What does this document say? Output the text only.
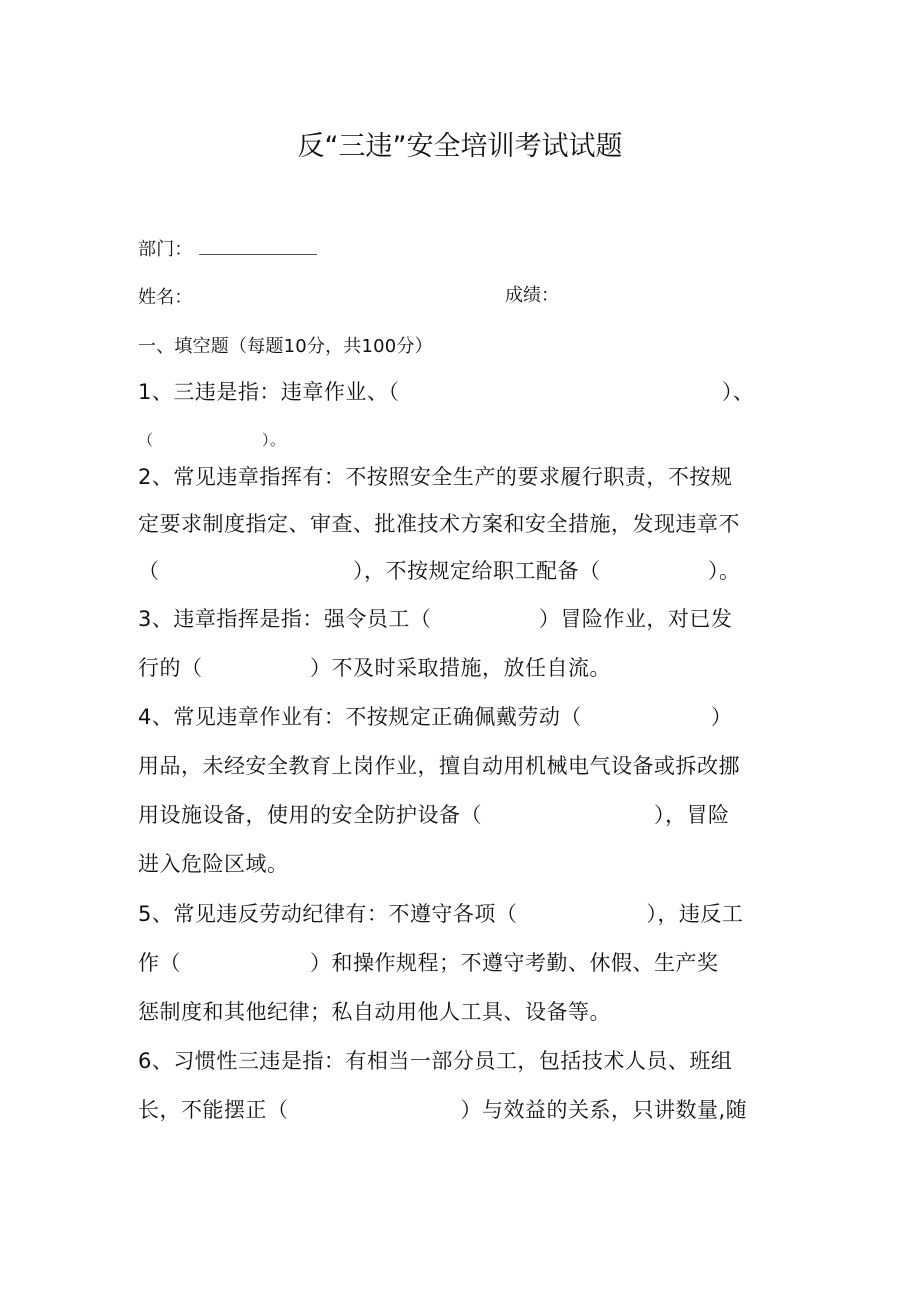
反“三违”安全培训考试试题
部门：
姓名：	成绩：
一、填空题（每题10分，共100分）
1、三违是指：违章作业、（　　　　　　　　　　　　　　　）、
（　　　　　　　）。
2、常见违章指挥有：不按照安全生产的要求履行职责，不按规
定要求制度指定、审查、批准技术方案和安全措施，发现违章不
（　　　　　　　　　），不按规定给职工配备（　　　　　）。
3、违章指挥是指：强令员工（　　　　　）冒险作业，对已发
行的（　　　　　）不及时采取措施，放任自流。
4、常见违章作业有：不按规定正确佩戴劳动（　　　　　　）
用品，未经安全教育上岗作业，擅自动用机械电气设备或拆改挪
用设施设备，使用的安全防护设备（　　　　　　　　），冒险
进入危险区域。
5、常见违反劳动纪律有：不遵守各项（　　　　　　），违反工
作（　　　　　　）和操作规程；不遵守考勤、休假、生产奖
惩制度和其他纪律；私自动用他人工具、设备等。
6、习惯性三违是指：有相当一部分员工，包括技术人员、班组
长，不能摆正（　　　　　　　　）与效益的关系，只讲数量,随
